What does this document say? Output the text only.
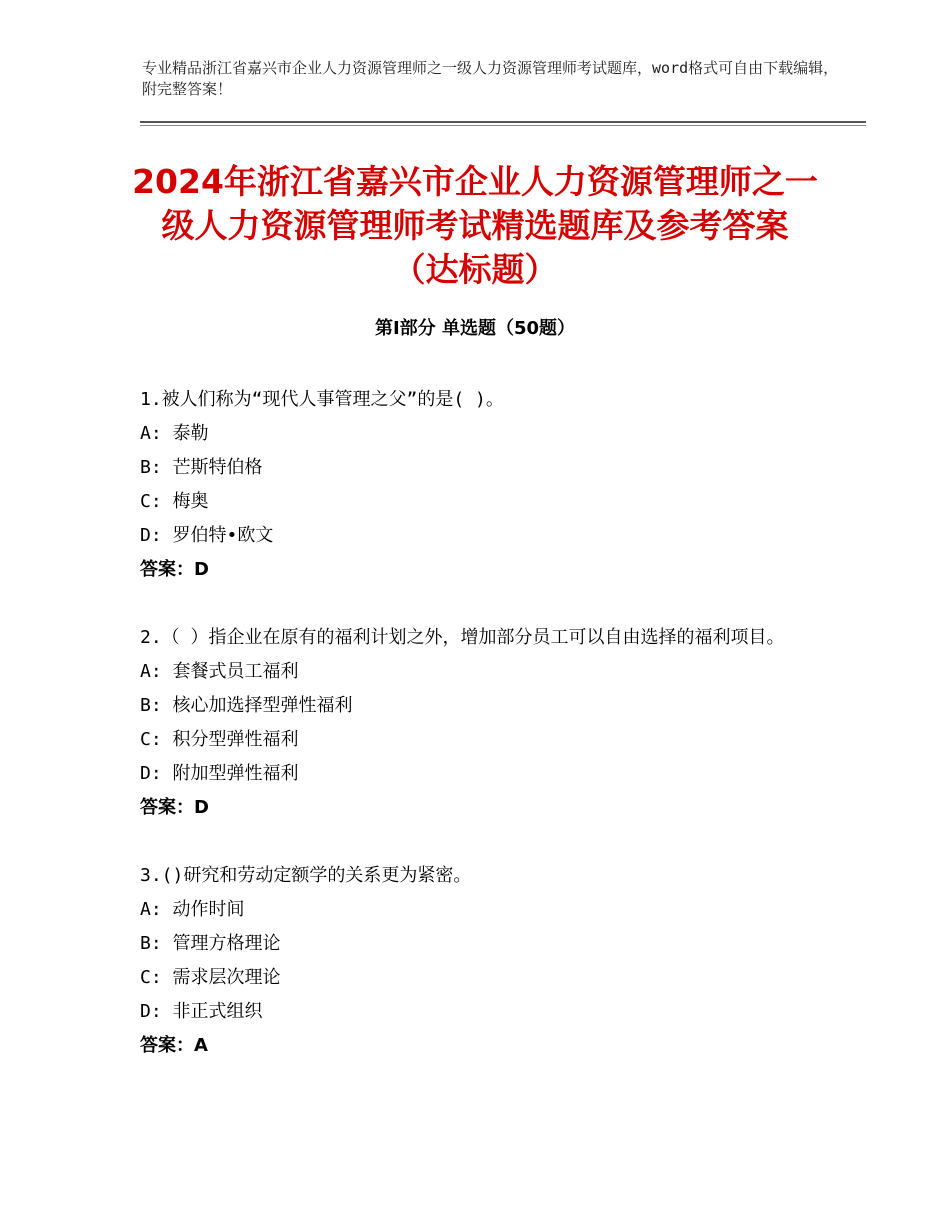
专业精品浙江省嘉兴市企业人力资源管理师之一级人力资源管理师考试题库，word格式可自由下载编辑，附完整答案！
2024年浙江省嘉兴市企业人力资源管理师之一级人力资源管理师考试精选题库及参考答案（达标题）
第Ⅰ部分 单选题（50题）

1.被人们称为“现代人事管理之父”的是( )。

A: 泰勒
B: 芒斯特伯格
C: 梅奥
D: 罗伯特•欧文
答案：D

2.（ ）指企业在原有的福利计划之外，增加部分员工可以自由选择的福利项目。

A: 套餐式员工福利
B: 核心加选择型弹性福利
C: 积分型弹性福利
D: 附加型弹性福利
答案：D

3.()研究和劳动定额学的关系更为紧密。

A: 动作时间
B: 管理方格理论
C: 需求层次理论
D: 非正式组织
答案：A
